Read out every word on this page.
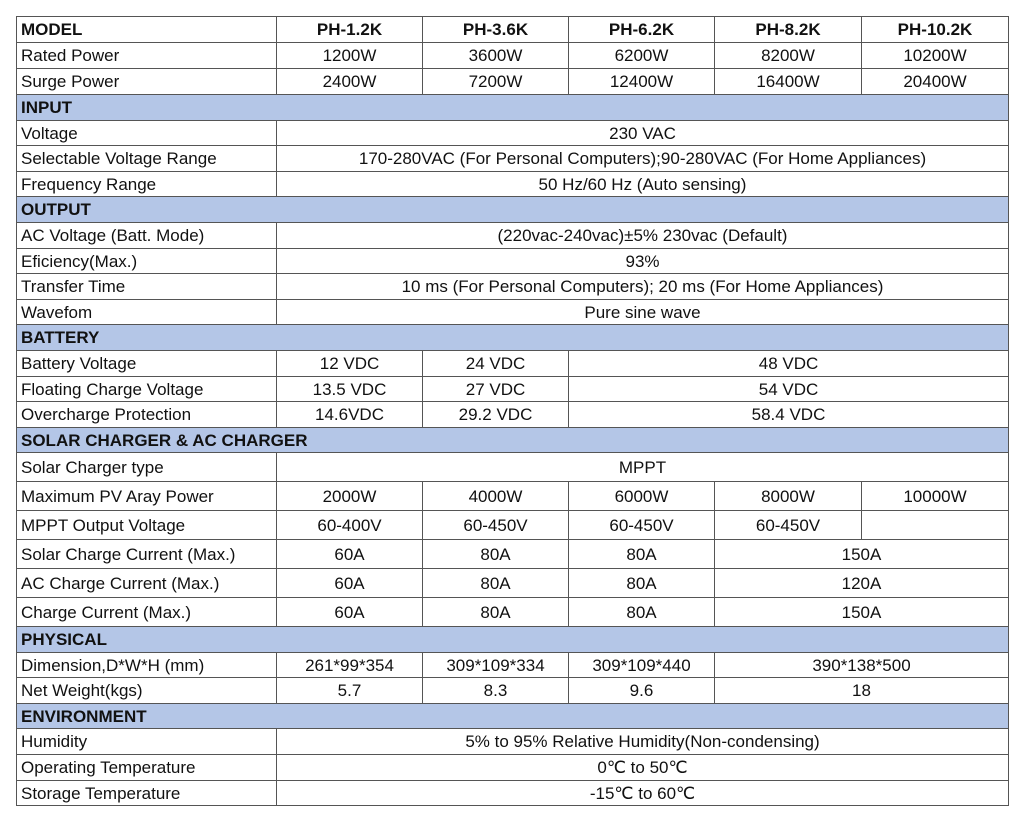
MODEL	PH-1.2K	PH-3.6K	PH-6.2K	PH-8.2K	PH-10.2K
Rated Power	1200W	3600W	6200W	8200W	10200W
Surge Power	2400W	7200W	12400W	16400W	20400W
INPUT					
Voltage	230 VAC				
Selectable Voltage Range	170-280VAC (For Personal Computers);90-280VAC (For Home Appliances)				
Frequency Range	50 Hz/60 Hz (Auto sensing)				
OUTPUT					
AC Voltage (Batt. Mode)	(220vac-240vac)±5% 230vac (Default)				
Eficiency(Max.)	93%				
Transfer Time	10 ms (For Personal Computers); 20 ms (For Home Appliances)				
Wavefom	Pure sine wave				
BATTERY					
Battery Voltage	12 VDC	24 VDC	48 VDC		
Floating Charge Voltage	13.5 VDC	27 VDC	54 VDC		
Overcharge Protection	14.6VDC	29.2 VDC	58.4 VDC		
SOLAR CHARGER & AC CHARGER					
Solar Charger type	MPPT				
Maximum PV Aray Power	2000W	4000W	6000W	8000W	10000W
MPPT Output Voltage	60-400V	60-450V	60-450V	60-450V	
Solar Charge Current (Max.)	60A	80A	80A	150A	
AC Charge Current (Max.)	60A	80A	80A	120A	
Charge Current (Max.)	60A	80A	80A	150A	
PHYSICAL					
Dimension,D*W*H (mm)	261*99*354	309*109*334	309*109*440	390*138*500	
Net Weight(kgs)	5.7	8.3	9.6	18	
ENVIRONMENT					
Humidity	5% to 95% Relative Humidity(Non-condensing)				
Operating Temperature	0℃ to 50℃				
Storage Temperature	-15℃ to 60℃				
